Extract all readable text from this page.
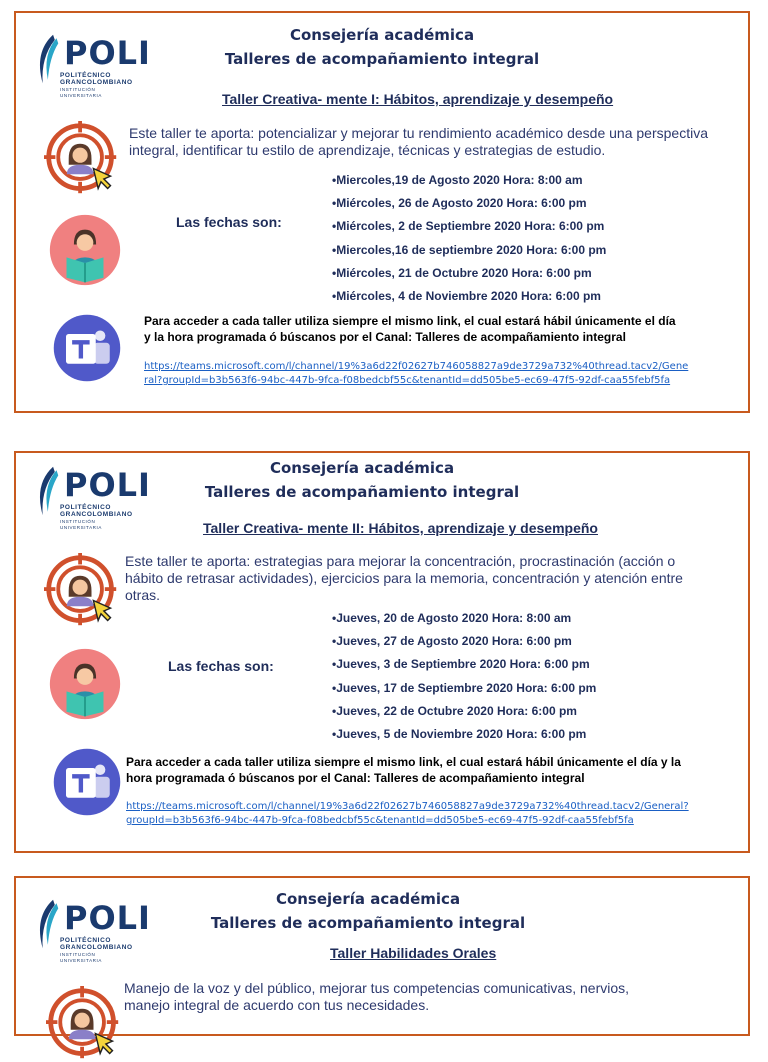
POLI
POLITÉCNICO
GRANCOLOMBIANO
INSTITUCIÓN UNIVERSITARIA
Consejería académica
Talleres de acompañamiento integral
Taller Creativa- mente I: Hábitos, aprendizaje y desempeño
Este taller te aporta: potencializar y mejorar tu rendimiento académico desde una perspectiva integral, identificar tu estilo de aprendizaje, técnicas y estrategias de estudio.
Las fechas son:
•Miercoles,19 de Agosto 2020 Hora: 8:00 am
•Miércoles, 26 de Agosto 2020 Hora: 6:00 pm
•Miércoles, 2 de Septiembre 2020 Hora: 6:00 pm
•Miercoles,16 de septiembre 2020 Hora: 6:00 pm
•Miércoles, 21 de Octubre 2020 Hora: 6:00 pm
•Miércoles, 4 de Noviembre 2020 Hora: 6:00 pm
Para acceder a cada taller utiliza siempre el mismo link, el cual estará hábil únicamente el día y la hora programada ó búscanos por el Canal: Talleres de acompañamiento integral
https://teams.microsoft.com/l/channel/19%3a6d22f02627b746058827a9de3729a732%40thread.tacv2/General?groupId=b3b563f6-94bc-447b-9fca-f08bedcbf55c&tenantId=dd505be5-ec69-47f5-92df-caa55febf5fa
POLI
POLITÉCNICO
GRANCOLOMBIANO
INSTITUCIÓN UNIVERSITARIA
Consejería académica
Talleres de acompañamiento integral
Taller Creativa- mente II: Hábitos, aprendizaje y desempeño
Este taller te aporta: estrategias para mejorar la concentración, procrastinación (acción o hábito de retrasar actividades), ejercicios para la memoria, concentración y atención entre otras.
Las fechas son:
•Jueves, 20 de Agosto 2020 Hora: 8:00 am
•Jueves, 27 de Agosto 2020 Hora: 6:00 pm
•Jueves, 3 de Septiembre 2020 Hora: 6:00 pm
•Jueves, 17 de Septiembre 2020 Hora: 6:00 pm
•Jueves, 22 de Octubre 2020 Hora: 6:00 pm
•Jueves, 5 de Noviembre 2020 Hora: 6:00 pm
Para acceder a cada taller utiliza siempre el mismo link, el cual estará hábil únicamente el día y la hora programada ó búscanos por el Canal: Talleres de acompañamiento integral
https://teams.microsoft.com/l/channel/19%3a6d22f02627b746058827a9de3729a732%40thread.tacv2/General?groupId=b3b563f6-94bc-447b-9fca-f08bedcbf55c&tenantId=dd505be5-ec69-47f5-92df-caa55febf5fa
POLI
POLITÉCNICO
GRANCOLOMBIANO
INSTITUCIÓN UNIVERSITARIA
Consejería académica
Talleres de acompañamiento integral
Taller Habilidades Orales
Manejo de la voz y del público, mejorar tus competencias comunicativas, nervios, manejo integral de acuerdo con tus necesidades.
